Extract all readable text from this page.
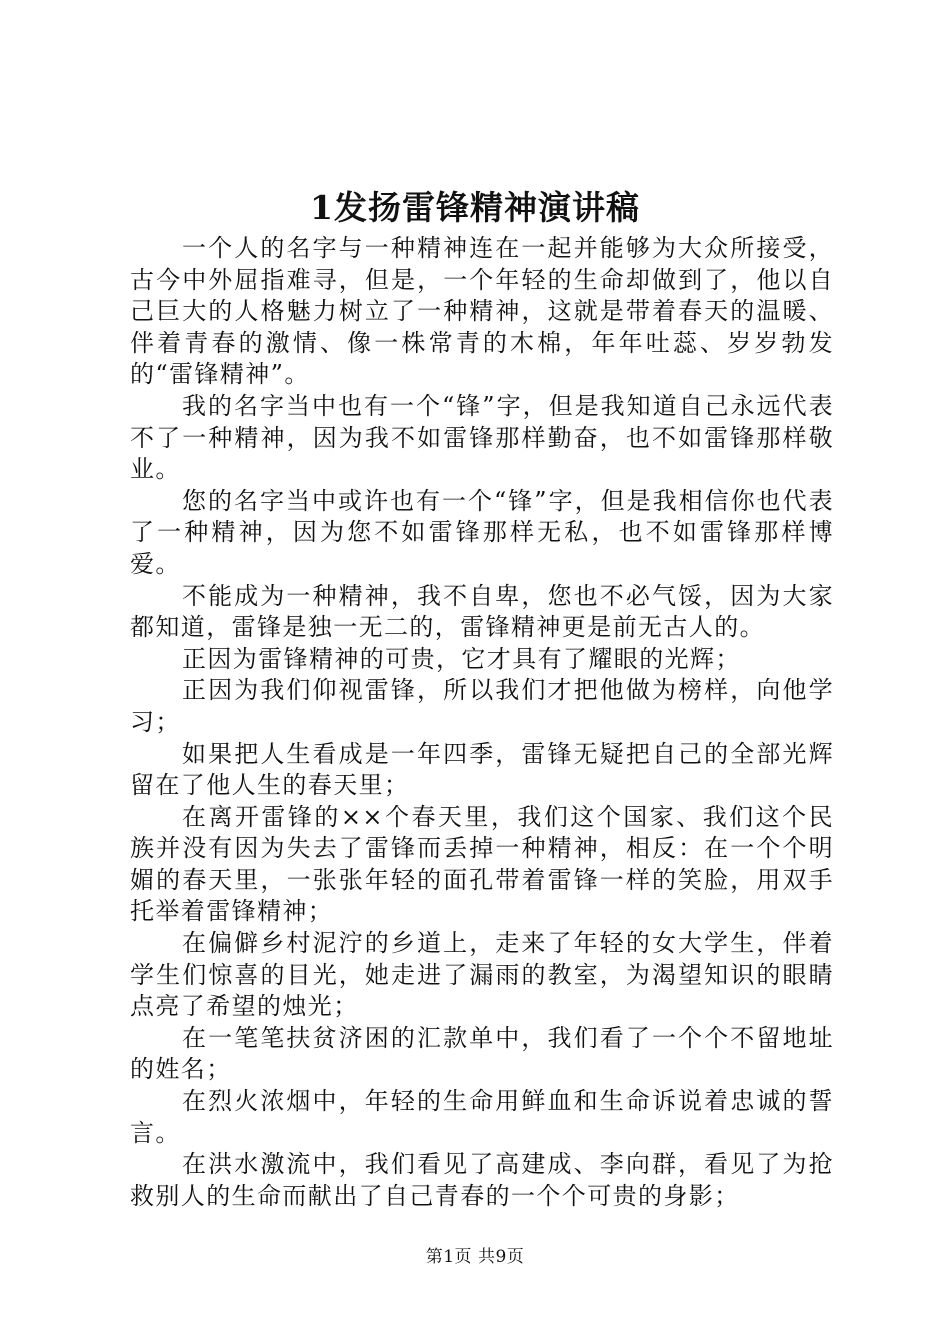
1发扬雷锋精神演讲稿

一个人的名字与一种精神连在一起并能够为大众所接受，古今中外屈指难寻，但是，一个年轻的生命却做到了，他以自己巨大的人格魅力树立了一种精神，这就是带着春天的温暖、伴着青春的激情、像一株常青的木棉，年年吐蕊、岁岁勃发的“雷锋精神”。

我的名字当中也有一个“锋”字，但是我知道自己永远代表不了一种精神，因为我不如雷锋那样勤奋，也不如雷锋那样敬业。

您的名字当中或许也有一个“锋”字，但是我相信你也代表了一种精神，因为您不如雷锋那样无私，也不如雷锋那样博爱。

不能成为一种精神，我不自卑，您也不必气馁，因为大家都知道，雷锋是独一无二的，雷锋精神更是前无古人的。

正因为雷锋精神的可贵，它才具有了耀眼的光辉；

正因为我们仰视雷锋，所以我们才把他做为榜样，向他学习；

如果把人生看成是一年四季，雷锋无疑把自己的全部光辉留在了他人生的春天里；

在离开雷锋的××个春天里，我们这个国家、我们这个民族并没有因为失去了雷锋而丢掉一种精神，相反：在一个个明媚的春天里，一张张年轻的面孔带着雷锋一样的笑脸，用双手托举着雷锋精神；

在偏僻乡村泥泞的乡道上，走来了年轻的女大学生，伴着学生们惊喜的目光，她走进了漏雨的教室，为渴望知识的眼睛点亮了希望的烛光；

在一笔笔扶贫济困的汇款单中，我们看了一个个不留地址的姓名；

在烈火浓烟中，年轻的生命用鲜血和生命诉说着忠诚的誓言。

在洪水激流中，我们看见了高建成、李向群，看见了为抢救别人的生命而献出了自己青春的一个个可贵的身影；

第1页 共9页
